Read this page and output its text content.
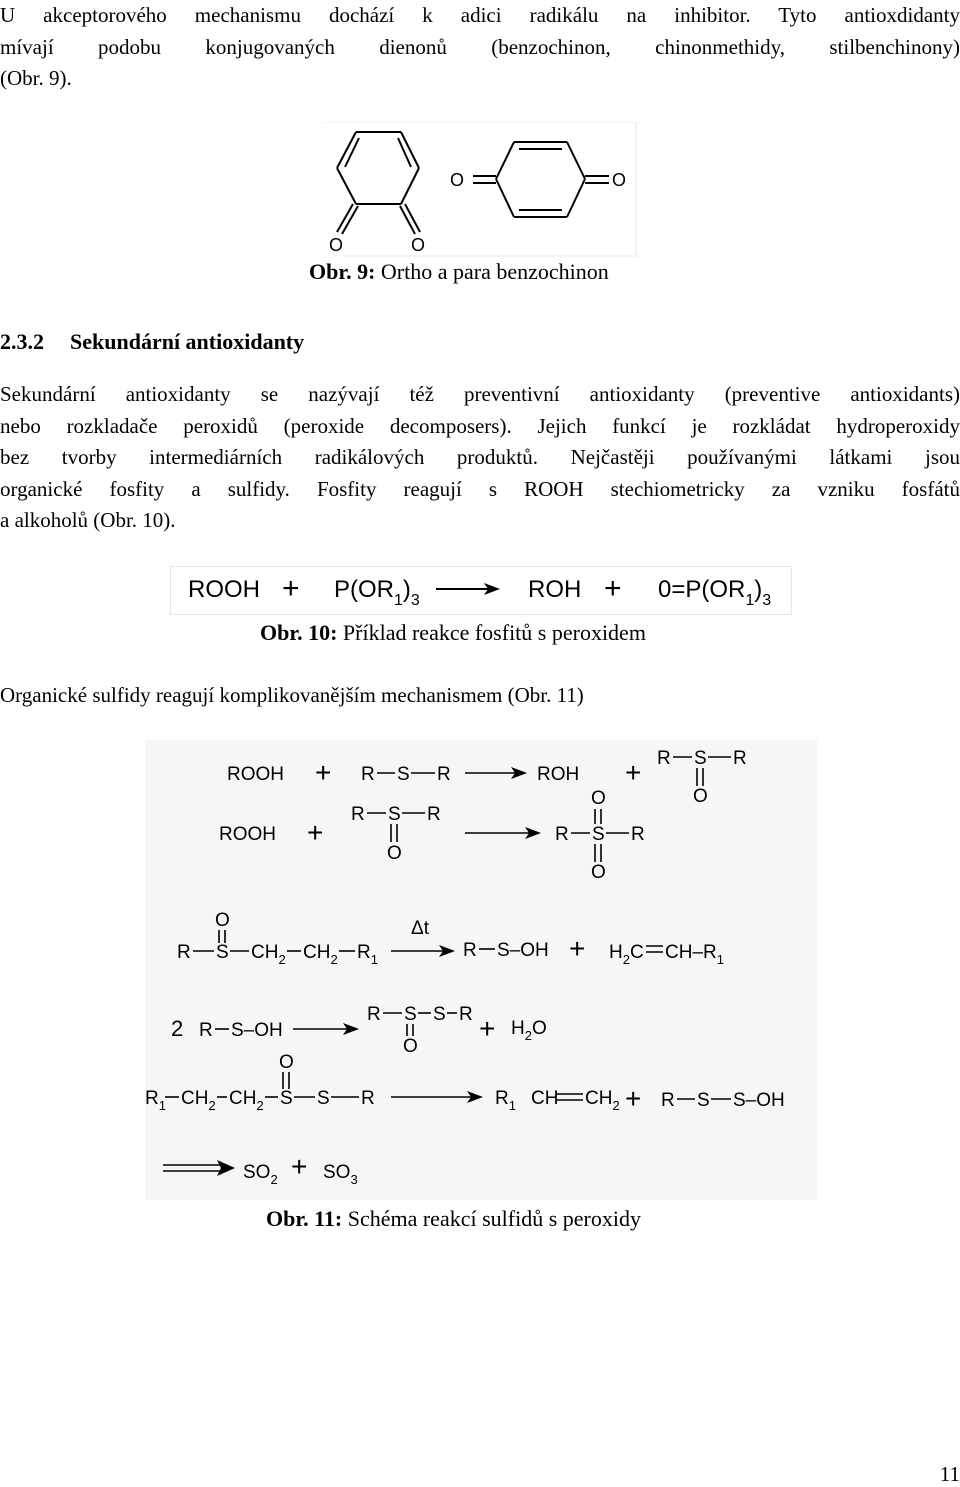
U akceptorového mechanismu dochází k adici radikálu na inhibitor. Tyto antioxdidanty

mívají podobu konjugovaných dienonů (benzochinon, chinonmethidy, stilbenchinony)

(Obr. 9).

O	O
O	O
Obr. 9: Ortho a para benzochinon
2.3.2 Sekundární antioxidanty

Sekundární antioxidanty se nazývají též preventivní antioxidanty (preventive antioxidants)

nebo rozkladače peroxidů (peroxide decomposers). Jejich funkcí je rozkládat hydroperoxidy

bez tvorby intermediárních radikálových produktů. Nejčastěji používanými látkami jsou

organické fosfity a sulfidy. Fosfity reagují s ROOH stechiometricky za vzniku fosfátů

a alkoholů (Obr. 10).

ROOH + $P(OR_1)_3$	ROH + $0=P(OR_1)_3$
Obr. 10: Příklad reakce fosfitů s peroxidem

Organické sulfidy reagují komplikovanějším mechanismem (Obr. 11)

ROOH + R S R	ROH + R S R
O
ROOH +
R S R
O
O
R S R
O
O
R S $CH_2$ $CH_2$ $R_1$
Δt
R $S-OH + H_2C$ $CH-R_1$
2 R S–OH
R S S R
O
+ $H_2O$
O
$R_1$ $CH_2$ $CH_2$ S S R	$R_1$ CH $CH_2 + R$ S S–OH
$SO_2 + SO_3$
Obr. 11: Schéma reakcí sulfidů s peroxidy
11
